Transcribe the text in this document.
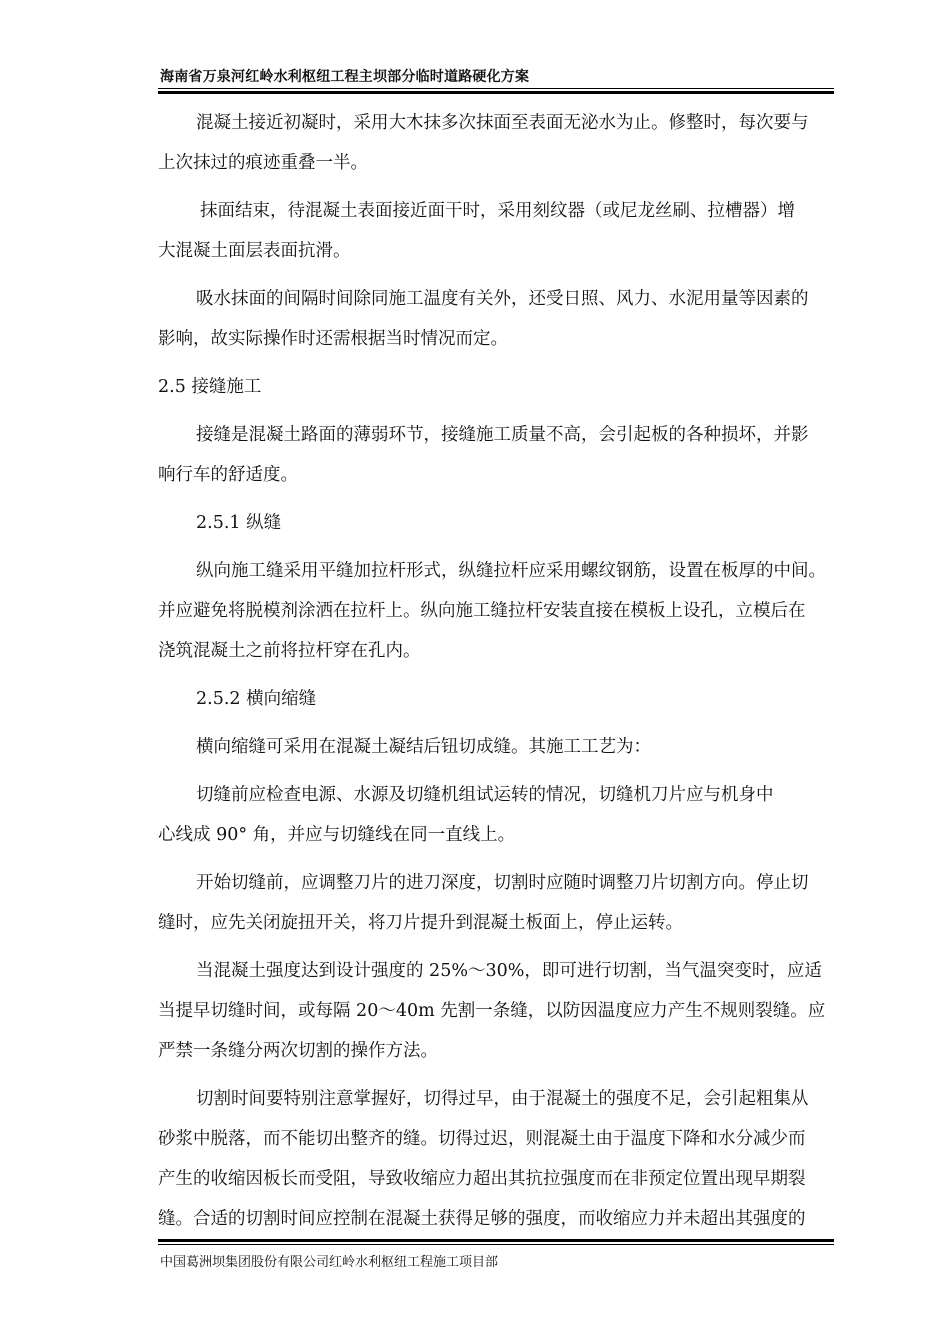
海南省万泉河红岭水利枢纽工程主坝部分临时道路硬化方案

混凝土接近初凝时，采用大木抹多次抹面至表面无泌水为止。修整时，每次要与
上次抹过的痕迹重叠一半。

抹面结束，待混凝土表面接近面干时，采用刻纹器（或尼龙丝刷、拉槽器）增
大混凝土面层表面抗滑。

吸水抹面的间隔时间除同施工温度有关外，还受日照、风力、水泥用量等因素的
影响，故实际操作时还需根据当时情况而定。

2.5 接缝施工

接缝是混凝土路面的薄弱环节，接缝施工质量不高，会引起板的各种损坏，并影
响行车的舒适度。

2.5.1 纵缝

纵向施工缝采用平缝加拉杆形式，纵缝拉杆应采用螺纹钢筋，设置在板厚的中间。
并应避免将脱模剂涂洒在拉杆上。纵向施工缝拉杆安装直接在模板上设孔，立模后在
浇筑混凝土之前将拉杆穿在孔内。

2.5.2 横向缩缝

横向缩缝可采用在混凝土凝结后钮切成缝。其施工工艺为：

切缝前应检查电源、水源及切缝机组试运转的情况，切缝机刀片应与机身中
心线成 90° 角，并应与切缝线在同一直线上。

开始切缝前，应调整刀片的进刀深度，切割时应随时调整刀片切割方向。停止切
缝时，应先关闭旋扭开关，将刀片提升到混凝土板面上，停止运转。

当混凝土强度达到设计强度的 25%～30%，即可进行切割，当气温突变时，应适
当提早切缝时间，或每隔 20～40m 先割一条缝，以防因温度应力产生不规则裂缝。应
严禁一条缝分两次切割的操作方法。

切割时间要特别注意掌握好，切得过早，由于混凝土的强度不足，会引起粗集从
砂浆中脱落，而不能切出整齐的缝。切得过迟，则混凝土由于温度下降和水分减少而
产生的收缩因板长而受阻，导致收缩应力超出其抗拉强度而在非预定位置出现早期裂
缝。合适的切割时间应控制在混凝土获得足够的强度，而收缩应力并未超出其强度的

中国葛洲坝集团股份有限公司红岭水利枢纽工程施工项目部
